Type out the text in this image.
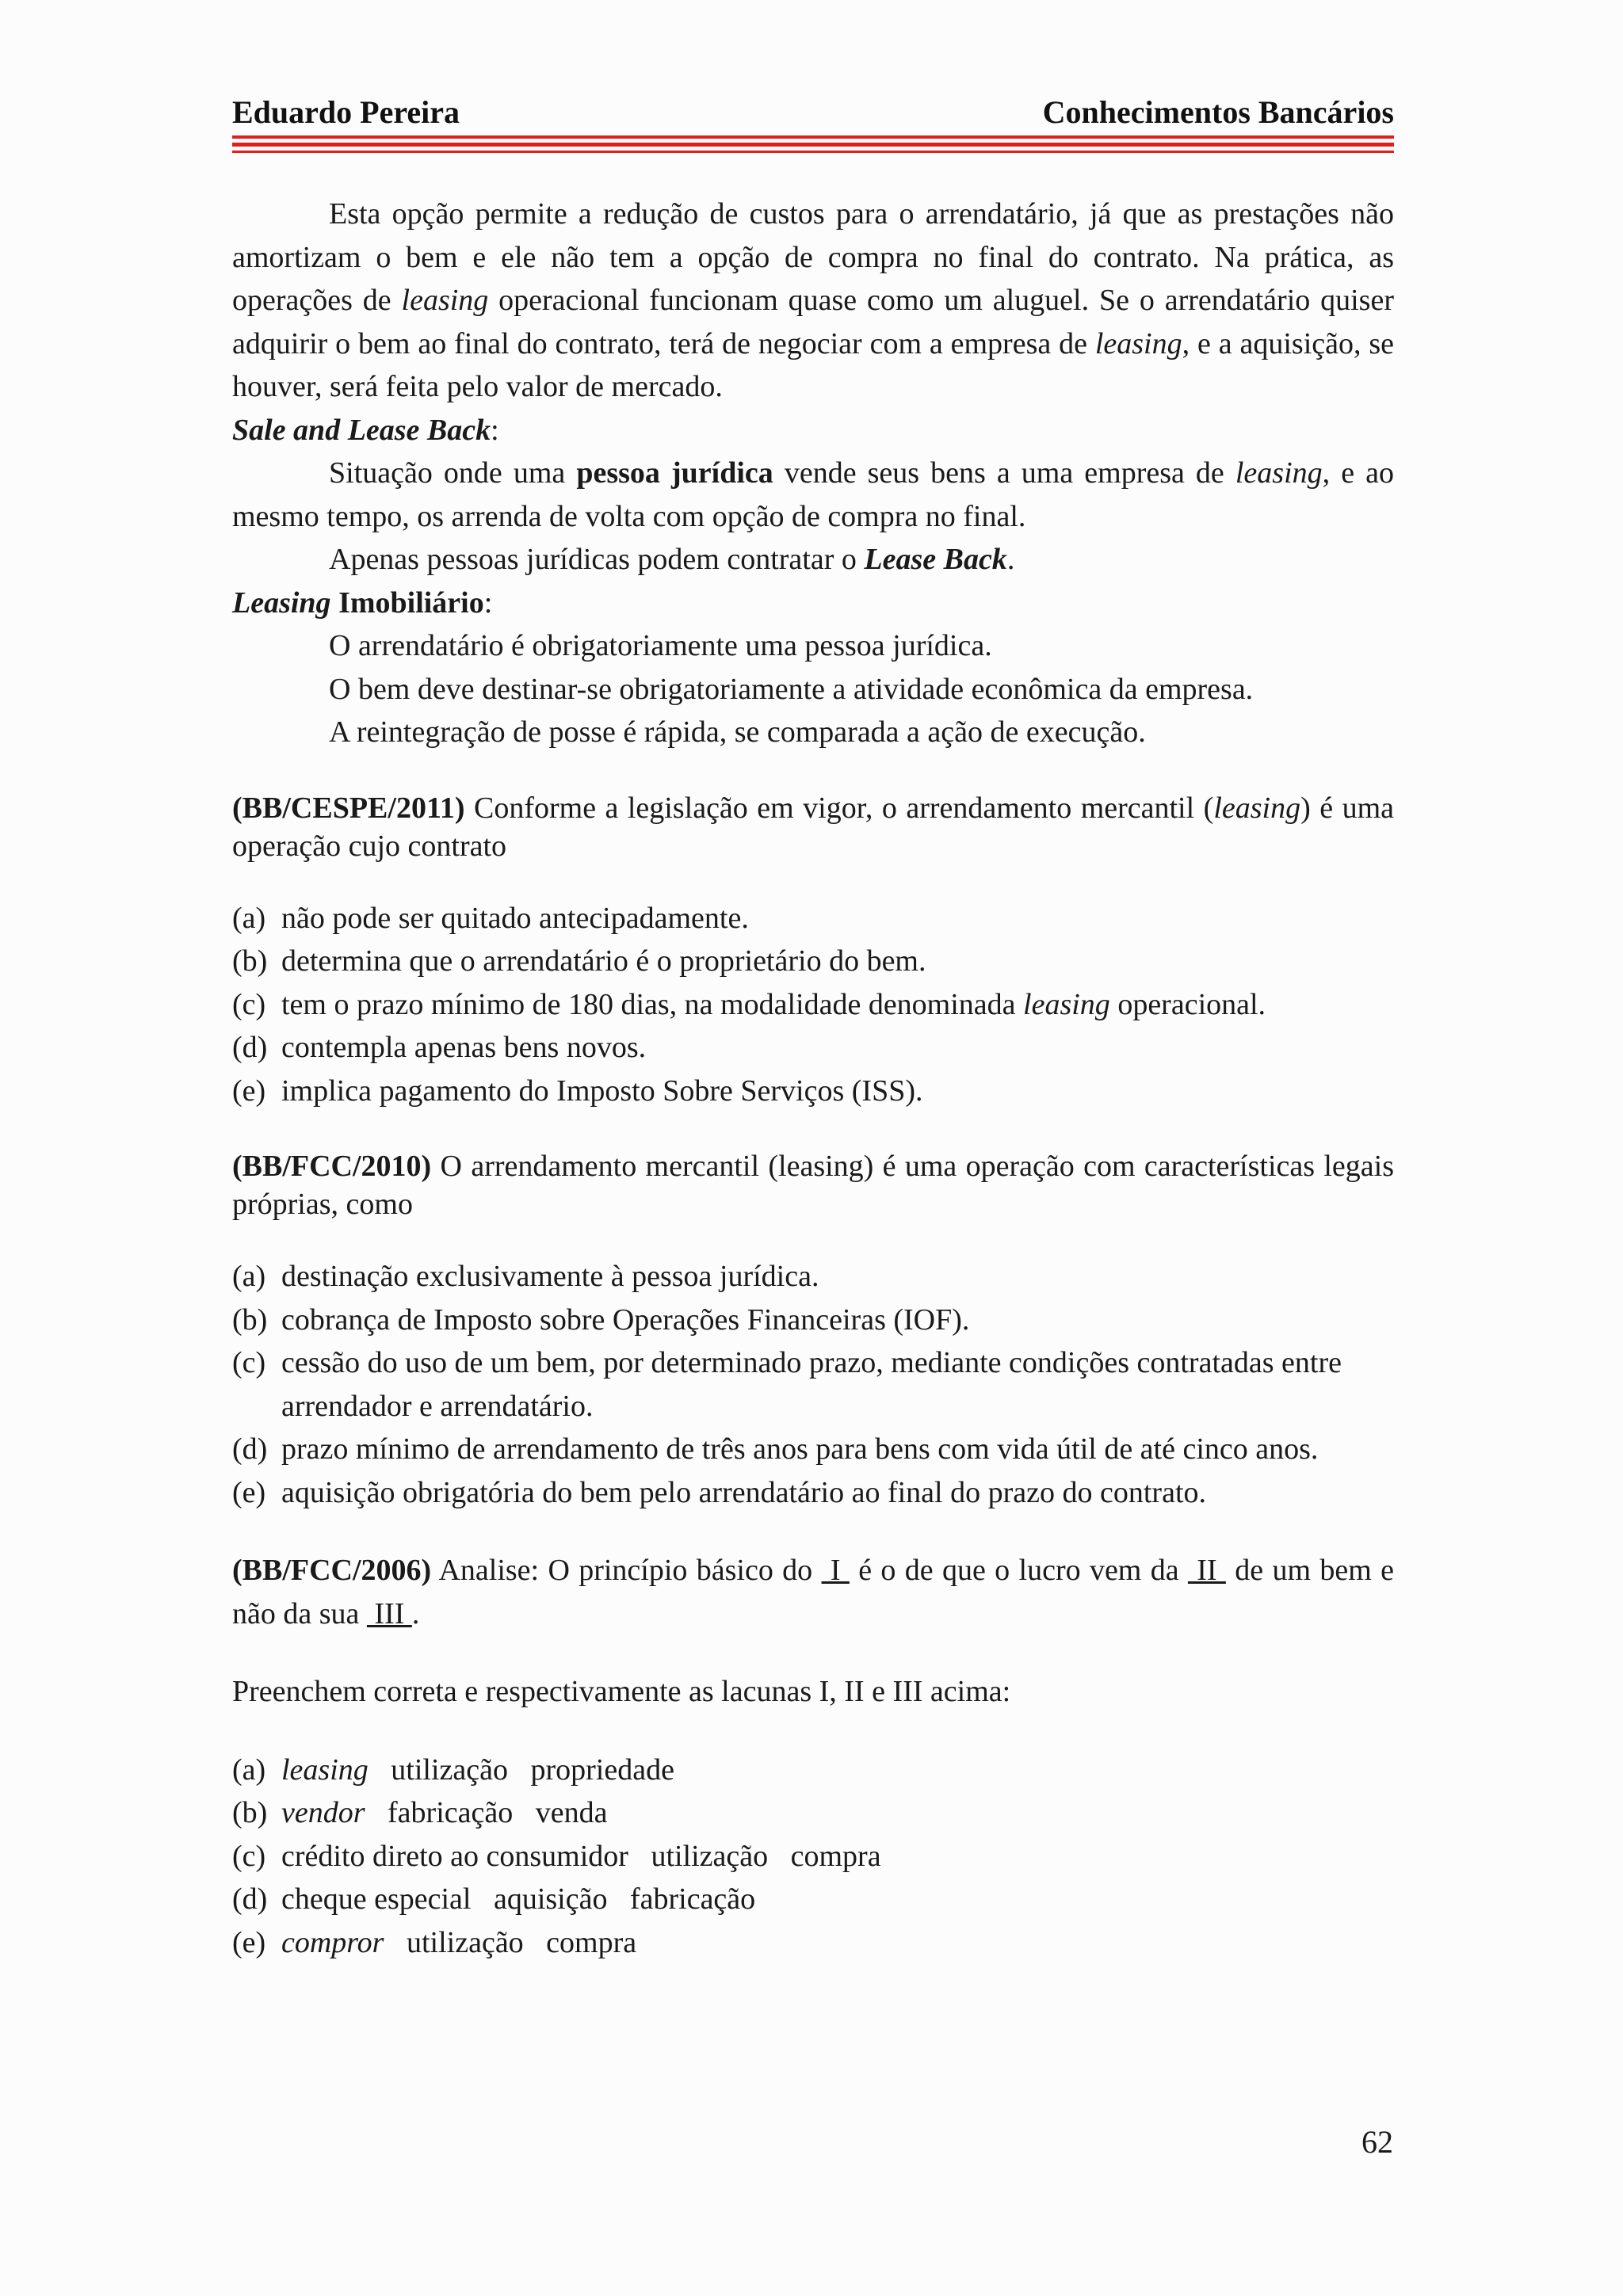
Eduardo Pereira	Conhecimentos Bancários

Esta opção permite a redução de custos para o arrendatário, já que as prestações não amortizam o bem e ele não tem a opção de compra no final do contrato. Na prática, as operações de leasing operacional funcionam quase como um aluguel. Se o arrendatário quiser adquirir o bem ao final do contrato, terá de negociar com a empresa de leasing, e a aquisição, se houver, será feita pelo valor de mercado.

Sale and Lease Back:

Situação onde uma pessoa jurídica vende seus bens a uma empresa de leasing, e ao mesmo tempo, os arrenda de volta com opção de compra no final.

Apenas pessoas jurídicas podem contratar o Lease Back.

Leasing Imobiliário:

O arrendatário é obrigatoriamente uma pessoa jurídica.

O bem deve destinar-se obrigatoriamente a atividade econômica da empresa.

A reintegração de posse é rápida, se comparada a ação de execução.

(BB/CESPE/2011) Conforme a legislação em vigor, o arrendamento mercantil (leasing) é uma operação cujo contrato

(a) não pode ser quitado antecipadamente.
(b) determina que o arrendatário é o proprietário do bem.
(c) tem o prazo mínimo de 180 dias, na modalidade denominada leasing operacional.
(d) contempla apenas bens novos.
(e) implica pagamento do Imposto Sobre Serviços (ISS).

(BB/FCC/2010) O arrendamento mercantil (leasing) é uma operação com características legais próprias, como

(a) destinação exclusivamente à pessoa jurídica.
(b) cobrança de Imposto sobre Operações Financeiras (IOF).
(c) cessão do uso de um bem, por determinado prazo, mediante condições contratadas entre arrendador e arrendatário.
(d) prazo mínimo de arrendamento de três anos para bens com vida útil de até cinco anos.
(e) aquisição obrigatória do bem pelo arrendatário ao final do prazo do contrato.

(BB/FCC/2006) Analise: O princípio básico do  I  é o de que o lucro vem da  II  de um bem e não da sua  III .

Preenchem correta e respectivamente as lacunas I, II e III acima:

(a) leasing   utilização   propriedade
(b) vendor   fabricação   venda
(c) crédito direto ao consumidor   utilização   compra
(d) cheque especial   aquisição   fabricação
(e) compror   utilização   compra
62
